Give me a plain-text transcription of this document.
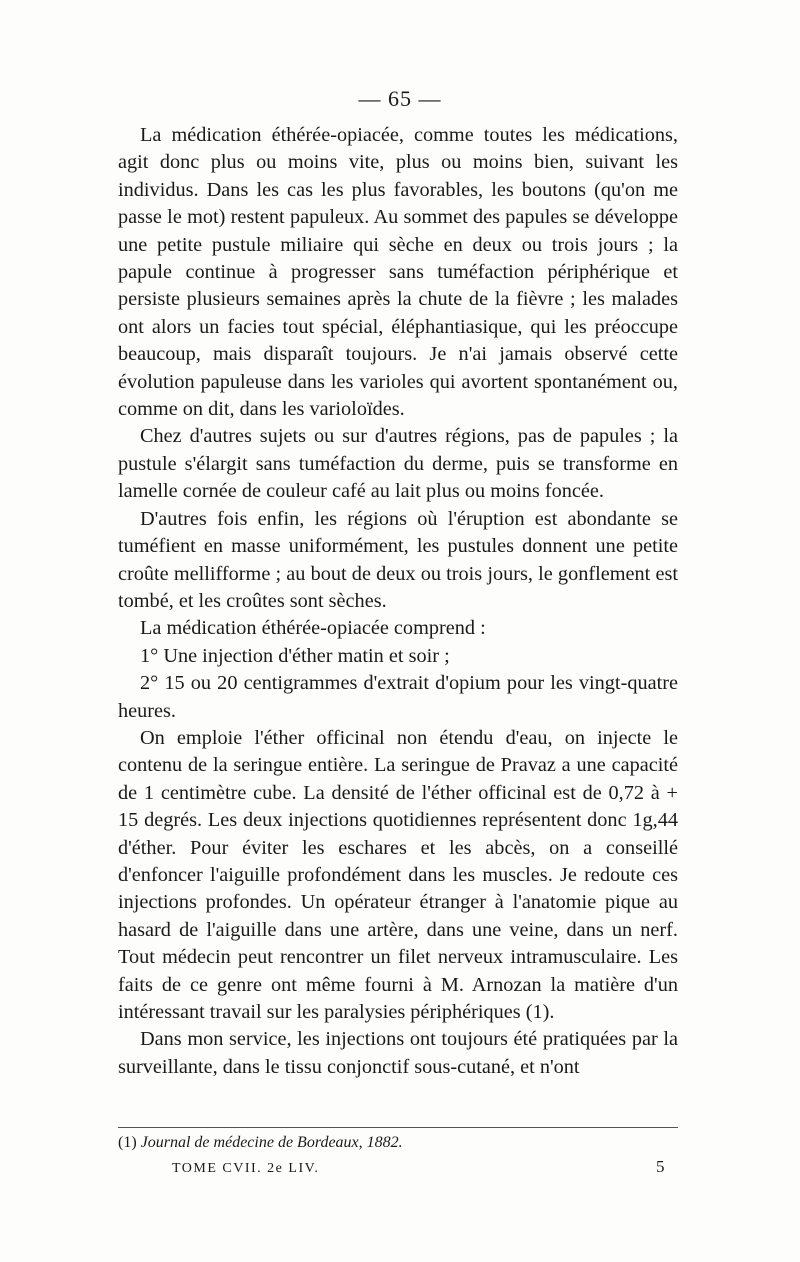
— 65 —

La médication éthérée-opiacée, comme toutes les médications, agit donc plus ou moins vite, plus ou moins bien, suivant les individus. Dans les cas les plus favorables, les boutons (qu'on me passe le mot) restent papuleux. Au sommet des papules se développe une petite pustule miliaire qui sèche en deux ou trois jours ; la papule continue à progresser sans tuméfaction périphérique et persiste plusieurs semaines après la chute de la fièvre ; les malades ont alors un facies tout spécial, éléphantiasique, qui les préoccupe beaucoup, mais disparaît toujours. Je n'ai jamais observé cette évolution papuleuse dans les varioles qui avortent spontanément ou, comme on dit, dans les varioloïdes.

Chez d'autres sujets ou sur d'autres régions, pas de papules ; la pustule s'élargit sans tuméfaction du derme, puis se transforme en lamelle cornée de couleur café au lait plus ou moins foncée.

D'autres fois enfin, les régions où l'éruption est abondante se tuméfient en masse uniformément, les pustules donnent une petite croûte mellifforme ; au bout de deux ou trois jours, le gonflement est tombé, et les croûtes sont sèches.

La médication éthérée-opiacée comprend :

1° Une injection d'éther matin et soir ;

2° 15 ou 20 centigrammes d'extrait d'opium pour les vingt-quatre heures.

On emploie l'éther officinal non étendu d'eau, on injecte le contenu de la seringue entière. La seringue de Pravaz a une capacité de 1 centimètre cube. La densité de l'éther officinal est de 0,72 à + 15 degrés. Les deux injections quotidiennes représentent donc 1g,44 d'éther. Pour éviter les eschares et les abcès, on a conseillé d'enfoncer l'aiguille profondément dans les muscles. Je redoute ces injections profondes. Un opérateur étranger à l'anatomie pique au hasard de l'aiguille dans une artère, dans une veine, dans un nerf. Tout médecin peut rencontrer un filet nerveux intramusculaire. Les faits de ce genre ont même fourni à M. Arnozan la matière d'un intéressant travail sur les paralysies périphériques (1).

Dans mon service, les injections ont toujours été pratiquées par la surveillante, dans le tissu conjonctif sous-cutané, et n'ont

(1) Journal de médecine de Bordeaux, 1882.
TOME CVII. 2e LIV.	5
